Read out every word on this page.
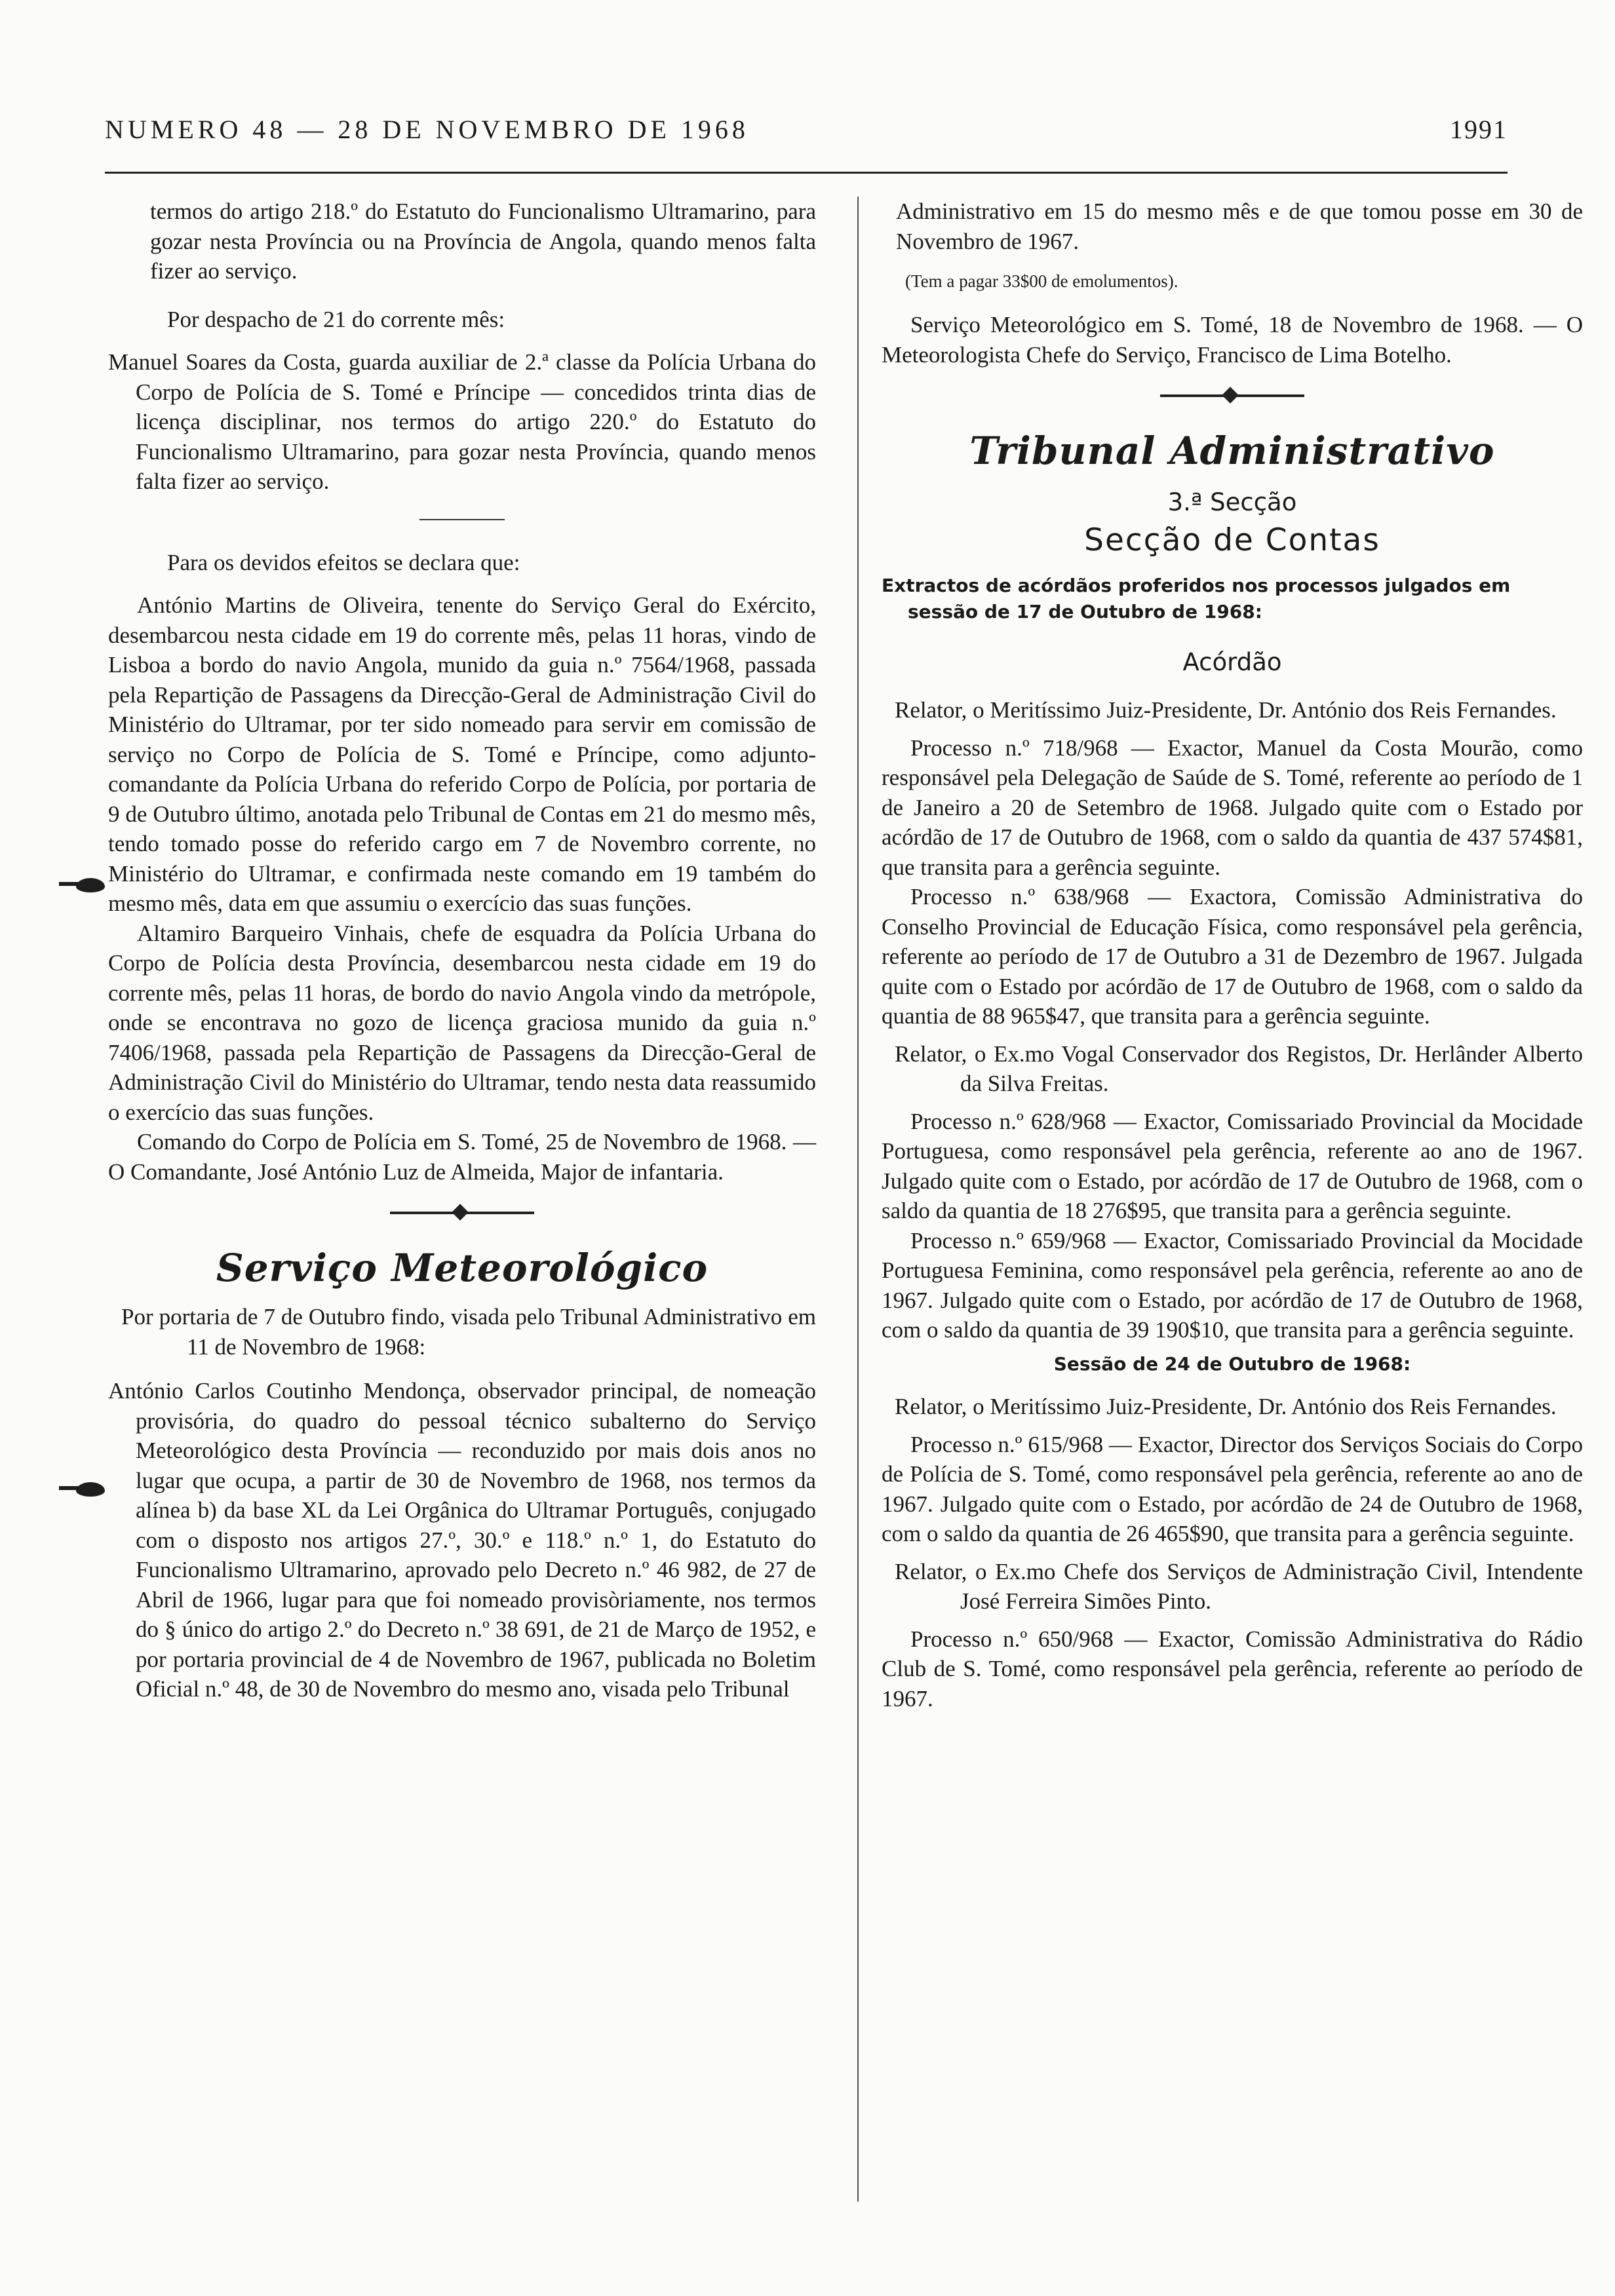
NUMERO 48 — 28 DE NOVEMBRO DE 1968	1991

termos do artigo 218.º do Estatuto do Funcionalismo Ultramarino, para gozar nesta Província ou na Província de Angola, quando menos falta fizer ao serviço.

Por despacho de 21 do corrente mês:

Manuel Soares da Costa, guarda auxiliar de 2.ª classe da Polícia Urbana do Corpo de Polícia de S. Tomé e Príncipe — concedidos trinta dias de licença disciplinar, nos termos do artigo 220.º do Estatuto do Funcionalismo Ultramarino, para gozar nesta Província, quando menos falta fizer ao serviço.

Para os devidos efeitos se declara que:

António Martins de Oliveira, tenente do Serviço Geral do Exército, desembarcou nesta cidade em 19 do corrente mês, pelas 11 horas, vindo de Lisboa a bordo do navio Angola, munido da guia n.º 7564/1968, passada pela Repartição de Passagens da Direcção-Geral de Administração Civil do Ministério do Ultramar, por ter sido nomeado para servir em comissão de serviço no Corpo de Polícia de S. Tomé e Príncipe, como adjunto-comandante da Polícia Urbana do referido Corpo de Polícia, por portaria de 9 de Outubro último, anotada pelo Tribunal de Contas em 21 do mesmo mês, tendo tomado posse do referido cargo em 7 de Novembro corrente, no Ministério do Ultramar, e confirmada neste comando em 19 também do mesmo mês, data em que assumiu o exercício das suas funções.

Altamiro Barqueiro Vinhais, chefe de esquadra da Polícia Urbana do Corpo de Polícia desta Província, desembarcou nesta cidade em 19 do corrente mês, pelas 11 horas, de bordo do navio Angola vindo da metrópole, onde se encontrava no gozo de licença graciosa munido da guia n.º 7406/1968, passada pela Repartição de Passagens da Direcção-Geral de Administração Civil do Ministério do Ultramar, tendo nesta data reassumido o exercício das suas funções.

Comando do Corpo de Polícia em S. Tomé, 25 de Novembro de 1968. — O Comandante, José António Luz de Almeida, Major de infantaria.

Serviço Meteorológico

Por portaria de 7 de Outubro findo, visada pelo Tribunal Administrativo em 11 de Novembro de 1968:

António Carlos Coutinho Mendonça, observador principal, de nomeação provisória, do quadro do pessoal técnico subalterno do Serviço Meteorológico desta Província — reconduzido por mais dois anos no lugar que ocupa, a partir de 30 de Novembro de 1968, nos termos da alínea b) da base XL da Lei Orgânica do Ultramar Português, conjugado com o disposto nos artigos 27.º, 30.º e 118.º n.º 1, do Estatuto do Funcionalismo Ultramarino, aprovado pelo Decreto n.º 46 982, de 27 de Abril de 1966, lugar para que foi nomeado provisòriamente, nos termos do § único do artigo 2.º do Decreto n.º 38 691, de 21 de Março de 1952, e por portaria provincial de 4 de Novembro de 1967, publicada no Boletim Oficial n.º 48, de 30 de Novembro do mesmo ano, visada pelo Tribunal

Administrativo em 15 do mesmo mês e de que tomou posse em 30 de Novembro de 1967.

(Tem a pagar 33$00 de emolumentos).

Serviço Meteorológico em S. Tomé, 18 de Novembro de 1968. — O Meteorologista Chefe do Serviço, Francisco de Lima Botelho.

Tribunal Administrativo

3.ª Secção

Secção de Contas

Extractos de acórdãos proferidos nos processos julgados em sessão de 17 de Outubro de 1968:

Acórdão

Relator, o Meritíssimo Juiz-Presidente, Dr. António dos Reis Fernandes.

Processo n.º 718/968 — Exactor, Manuel da Costa Mourão, como responsável pela Delegação de Saúde de S. Tomé, referente ao período de 1 de Janeiro a 20 de Setembro de 1968. Julgado quite com o Estado por acórdão de 17 de Outubro de 1968, com o saldo da quantia de 437 574$81, que transita para a gerência seguinte.

Processo n.º 638/968 — Exactora, Comissão Administrativa do Conselho Provincial de Educação Física, como responsável pela gerência, referente ao período de 17 de Outubro a 31 de Dezembro de 1967. Julgada quite com o Estado por acórdão de 17 de Outubro de 1968, com o saldo da quantia de 88 965$47, que transita para a gerência seguinte.

Relator, o Ex.mo Vogal Conservador dos Registos, Dr. Herlânder Alberto da Silva Freitas.

Processo n.º 628/968 — Exactor, Comissariado Provincial da Mocidade Portuguesa, como responsável pela gerência, referente ao ano de 1967. Julgado quite com o Estado, por acórdão de 17 de Outubro de 1968, com o saldo da quantia de 18 276$95, que transita para a gerência seguinte.

Processo n.º 659/968 — Exactor, Comissariado Provincial da Mocidade Portuguesa Feminina, como responsável pela gerência, referente ao ano de 1967. Julgado quite com o Estado, por acórdão de 17 de Outubro de 1968, com o saldo da quantia de 39 190$10, que transita para a gerência seguinte.

Sessão de 24 de Outubro de 1968:

Relator, o Meritíssimo Juiz-Presidente, Dr. António dos Reis Fernandes.

Processo n.º 615/968 — Exactor, Director dos Serviços Sociais do Corpo de Polícia de S. Tomé, como responsável pela gerência, referente ao ano de 1967. Julgado quite com o Estado, por acórdão de 24 de Outubro de 1968, com o saldo da quantia de 26 465$90, que transita para a gerência seguinte.

Relator, o Ex.mo Chefe dos Serviços de Administração Civil, Intendente José Ferreira Simões Pinto.

Processo n.º 650/968 — Exactor, Comissão Administrativa do Rádio Club de S. Tomé, como responsável pela gerência, referente ao período de 1967.
